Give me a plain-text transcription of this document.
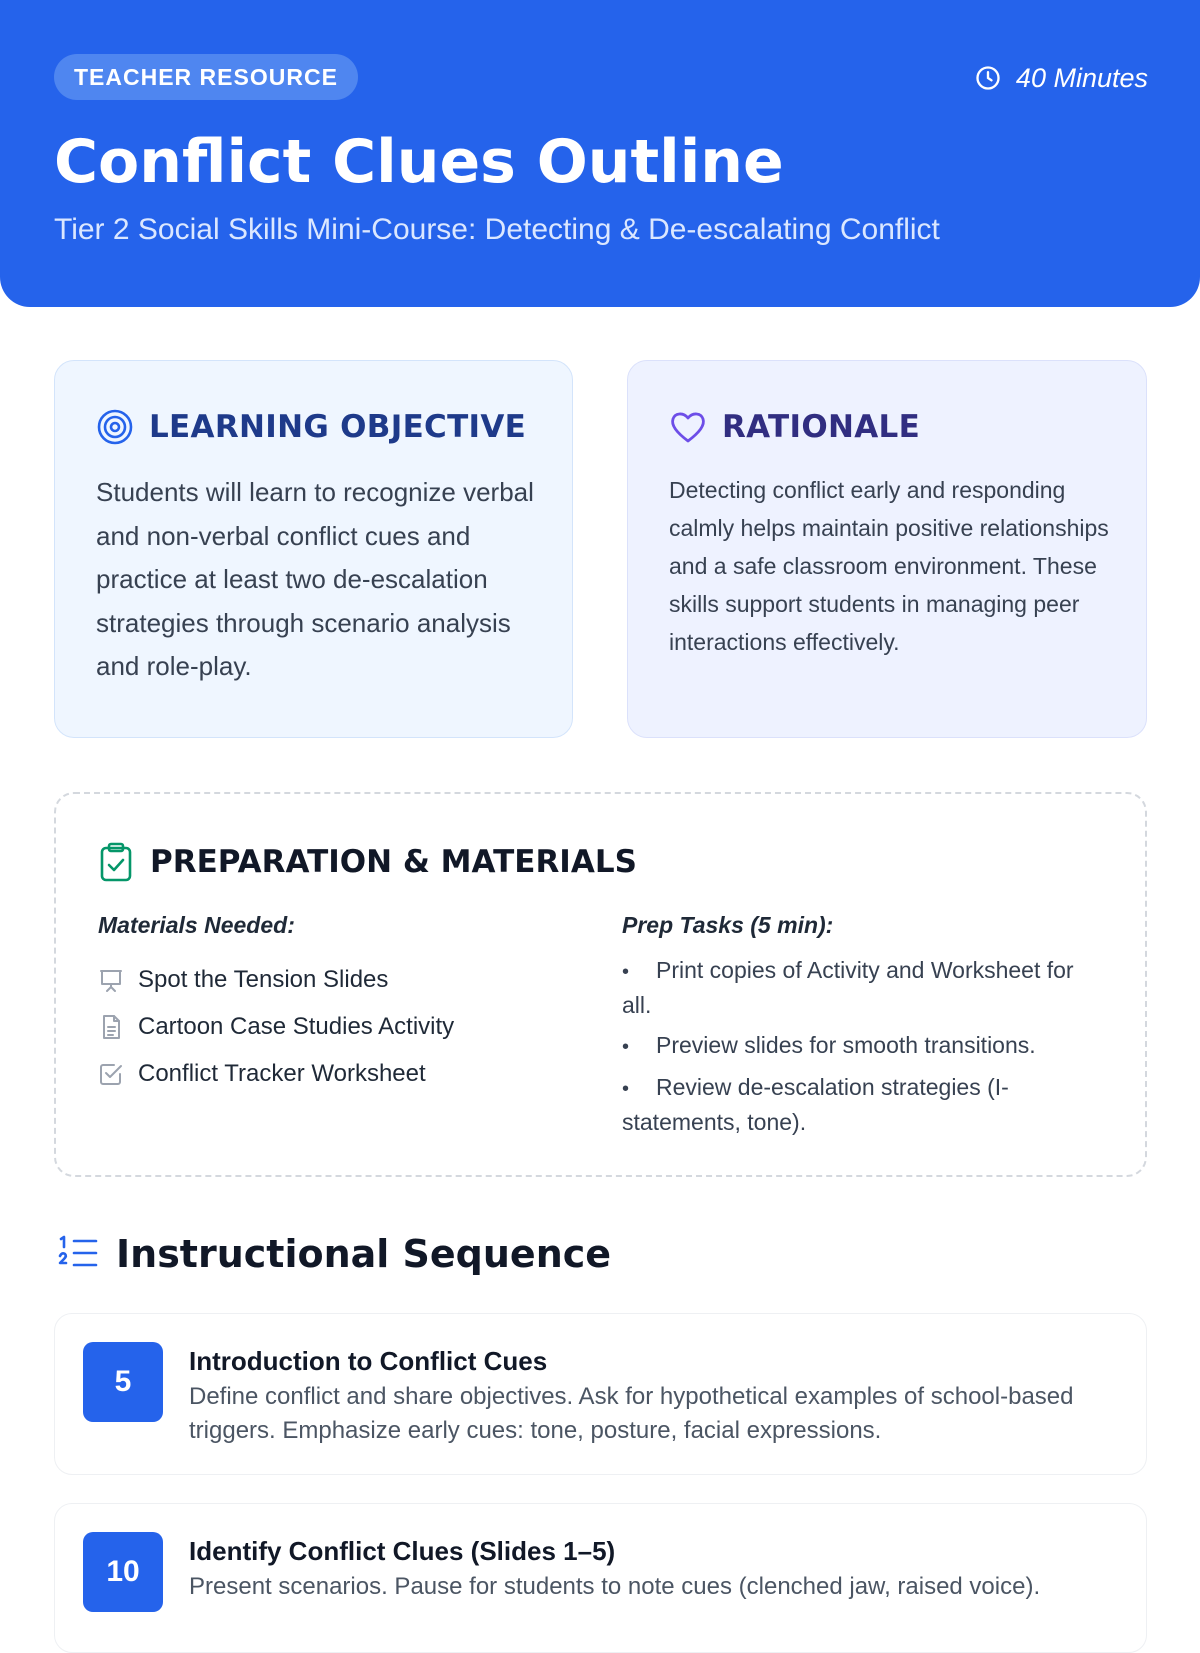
TEACHER RESOURCE	40 Minutes
Conflict Clues Outline
Tier 2 Social Skills Mini-Course: Detecting & De-escalating Conflict
LEARNING OBJECTIVE

Students will learn to recognize verbal and non-verbal conflict cues and practice at least two de-escalation strategies through scenario analysis and role-play.

RATIONALE

Detecting conflict early and responding calmly helps maintain positive relationships and a safe classroom environment. These skills support students in managing peer interactions effectively.

PREPARATION & MATERIALS
Materials Needed:
Spot the Tension Slides
Cartoon Case Studies Activity
Conflict Tracker Worksheet
Prep Tasks (5 min):
• Print copies of Activity and Worksheet for all.
• Preview slides for smooth transitions.
• Review de-escalation strategies (I-statements, tone).
Instructional Sequence
5
Introduction to Conflict Cues

Define conflict and share objectives. Ask for hypothetical examples of school-based triggers. Emphasize early cues: tone, posture, facial expressions.

10
Identify Conflict Clues (Slides 1–5)

Present scenarios. Pause for students to note cues (clenched jaw, raised voice).
